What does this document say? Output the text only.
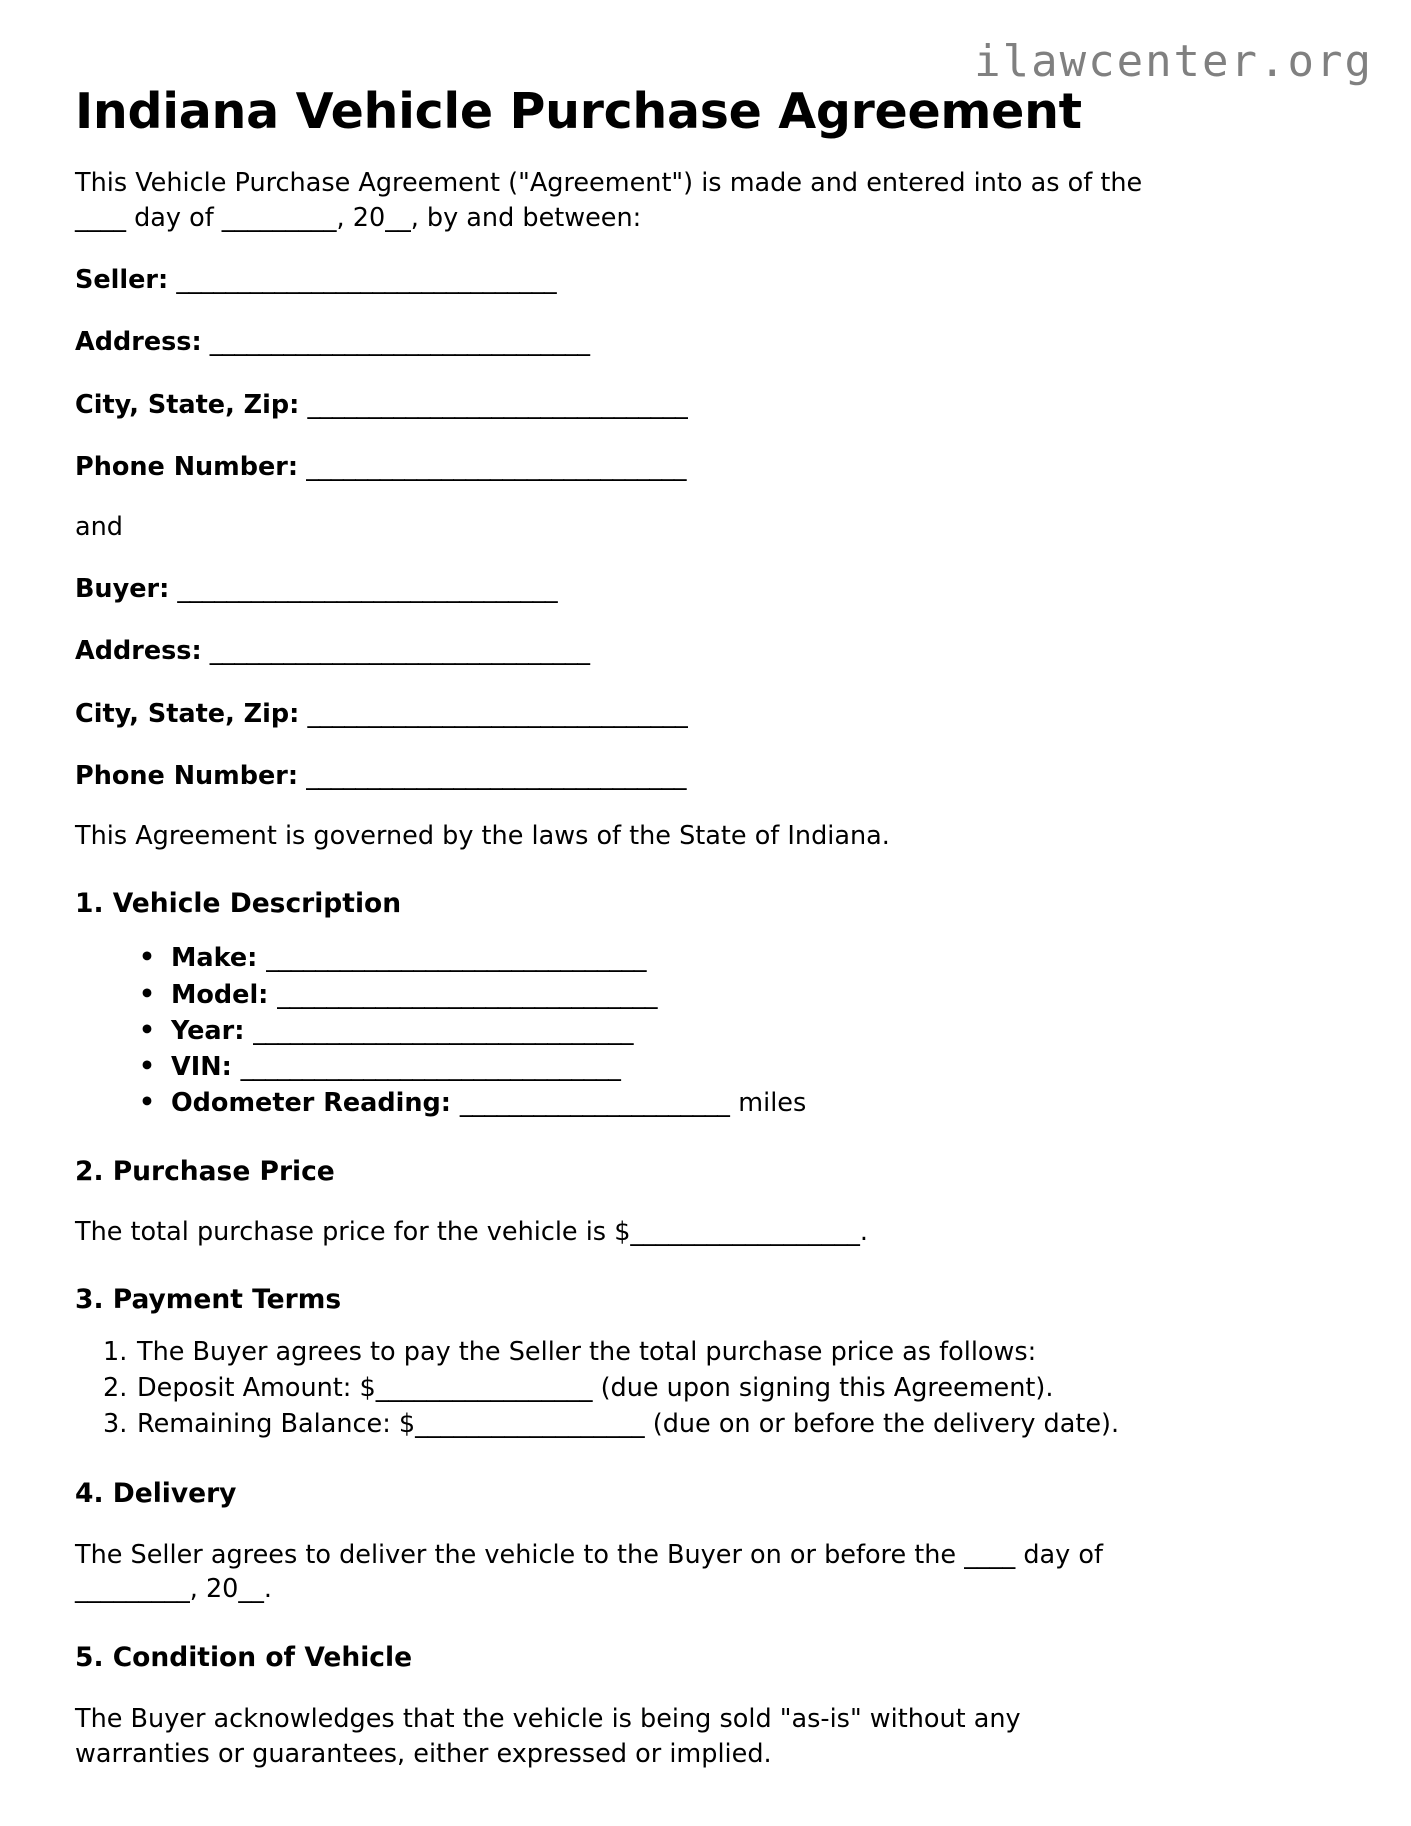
ilawcenter.org
Indiana Vehicle Purchase Agreement

This Vehicle Purchase Agreement ("Agreement") is made and entered into as of the ____ day of _________, 20__, by and between:

Seller: _______________________________

Address: _______________________________

City, State, Zip: _______________________________

Phone Number: _______________________________

and

Buyer: _______________________________

Address: _______________________________

City, State, Zip: _______________________________

Phone Number: _______________________________

This Agreement is governed by the laws of the State of Indiana.

1. Vehicle Description
• Make: _______________________________
• Model: _______________________________
• Year: _______________________________
• VIN: _______________________________
• Odometer Reading: ______________________ miles
2. Purchase Price

The total purchase price for the vehicle is $__________________.

3. Payment Terms
The Buyer agrees to pay the Seller the total purchase price as follows:
Deposit Amount: $_________________ (due upon signing this Agreement).
Remaining Balance: $__________________ (due on or before the delivery date).
4. Delivery

The Seller agrees to deliver the vehicle to the Buyer on or before the ____ day of _________, 20__.

5. Condition of Vehicle

The Buyer acknowledges that the vehicle is being sold "as-is" without any warranties or guarantees, either expressed or implied.
